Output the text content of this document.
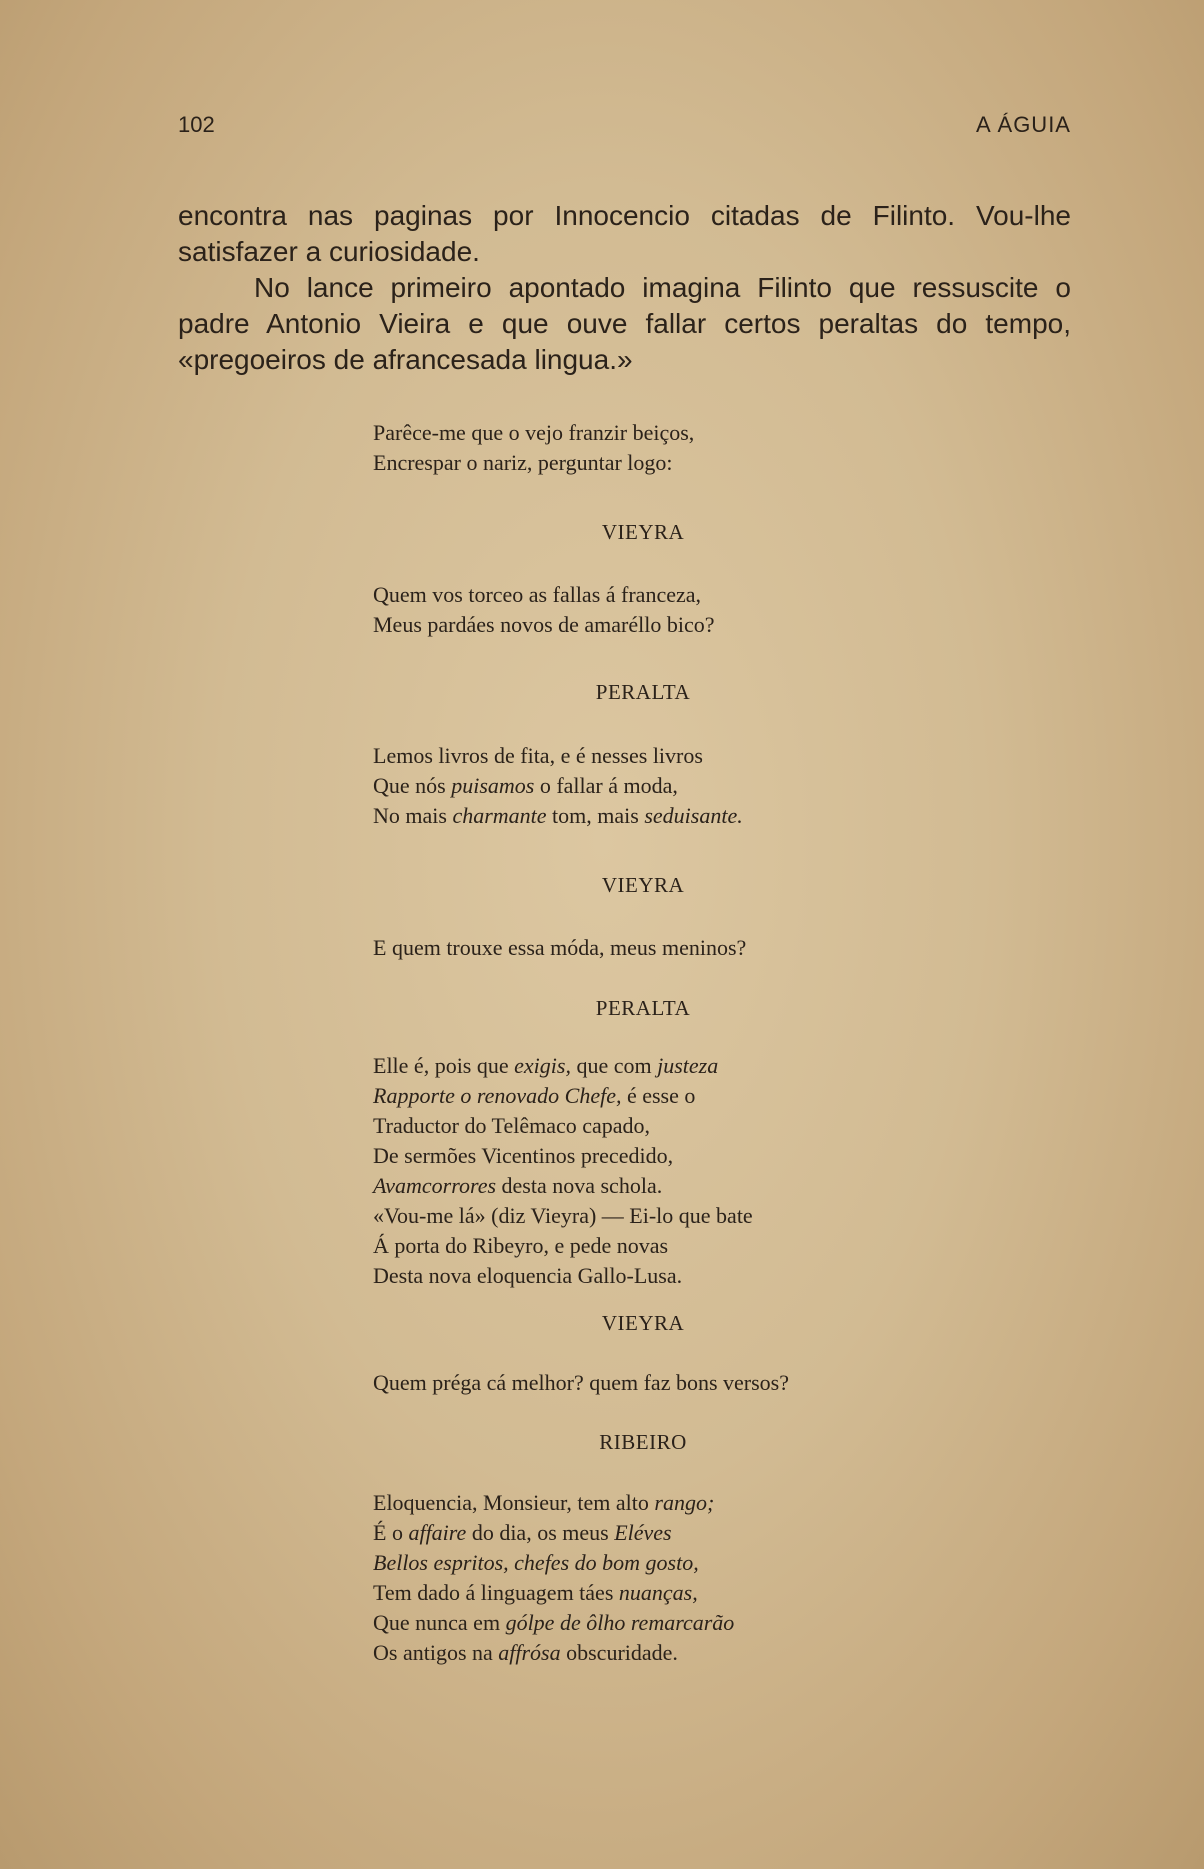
102	A ÁGUIA

encontra nas paginas por Innocencio citadas de Filinto. Vou-lhe satisfazer a curiosidade.

No lance primeiro apontado imagina Filinto que ressuscite o padre Antonio Vieira e que ouve fallar certos peraltas do tempo, «pregoeiros de afrancesada lingua.»

Parêce-me que o vejo franzir beiços,
Encrespar o nariz, perguntar logo:
VIEYRA
Quem vos torceo as fallas á franceza,
Meus pardáes novos de amaréllo bico?
PERALTA
Lemos livros de fita, e é nesses livros
Que nós puisamos o fallar á moda,
No mais charmante tom, mais seduisante.
VIEYRA
E quem trouxe essa móda, meus meninos?
PERALTA
Elle é, pois que exigis, que com justeza
Rapporte o renovado Chefe, é esse o
Traductor do Telêmaco capado,
De sermões Vicentinos precedido,
Avamcorrores desta nova schola.
«Vou-me lá» (diz Vieyra) — Ei-lo que bate
Á porta do Ribeyro, e pede novas
Desta nova eloquencia Gallo-Lusa.
VIEYRA
Quem préga cá melhor? quem faz bons versos?
RIBEIRO
Eloquencia, Monsieur, tem alto rango;
É o affaire do dia, os meus Eléves
Bellos espritos, chefes do bom gosto,
Tem dado á linguagem táes nuanças,
Que nunca em gólpe de ôlho remarcarão
Os antigos na affrósa obscuridade.
